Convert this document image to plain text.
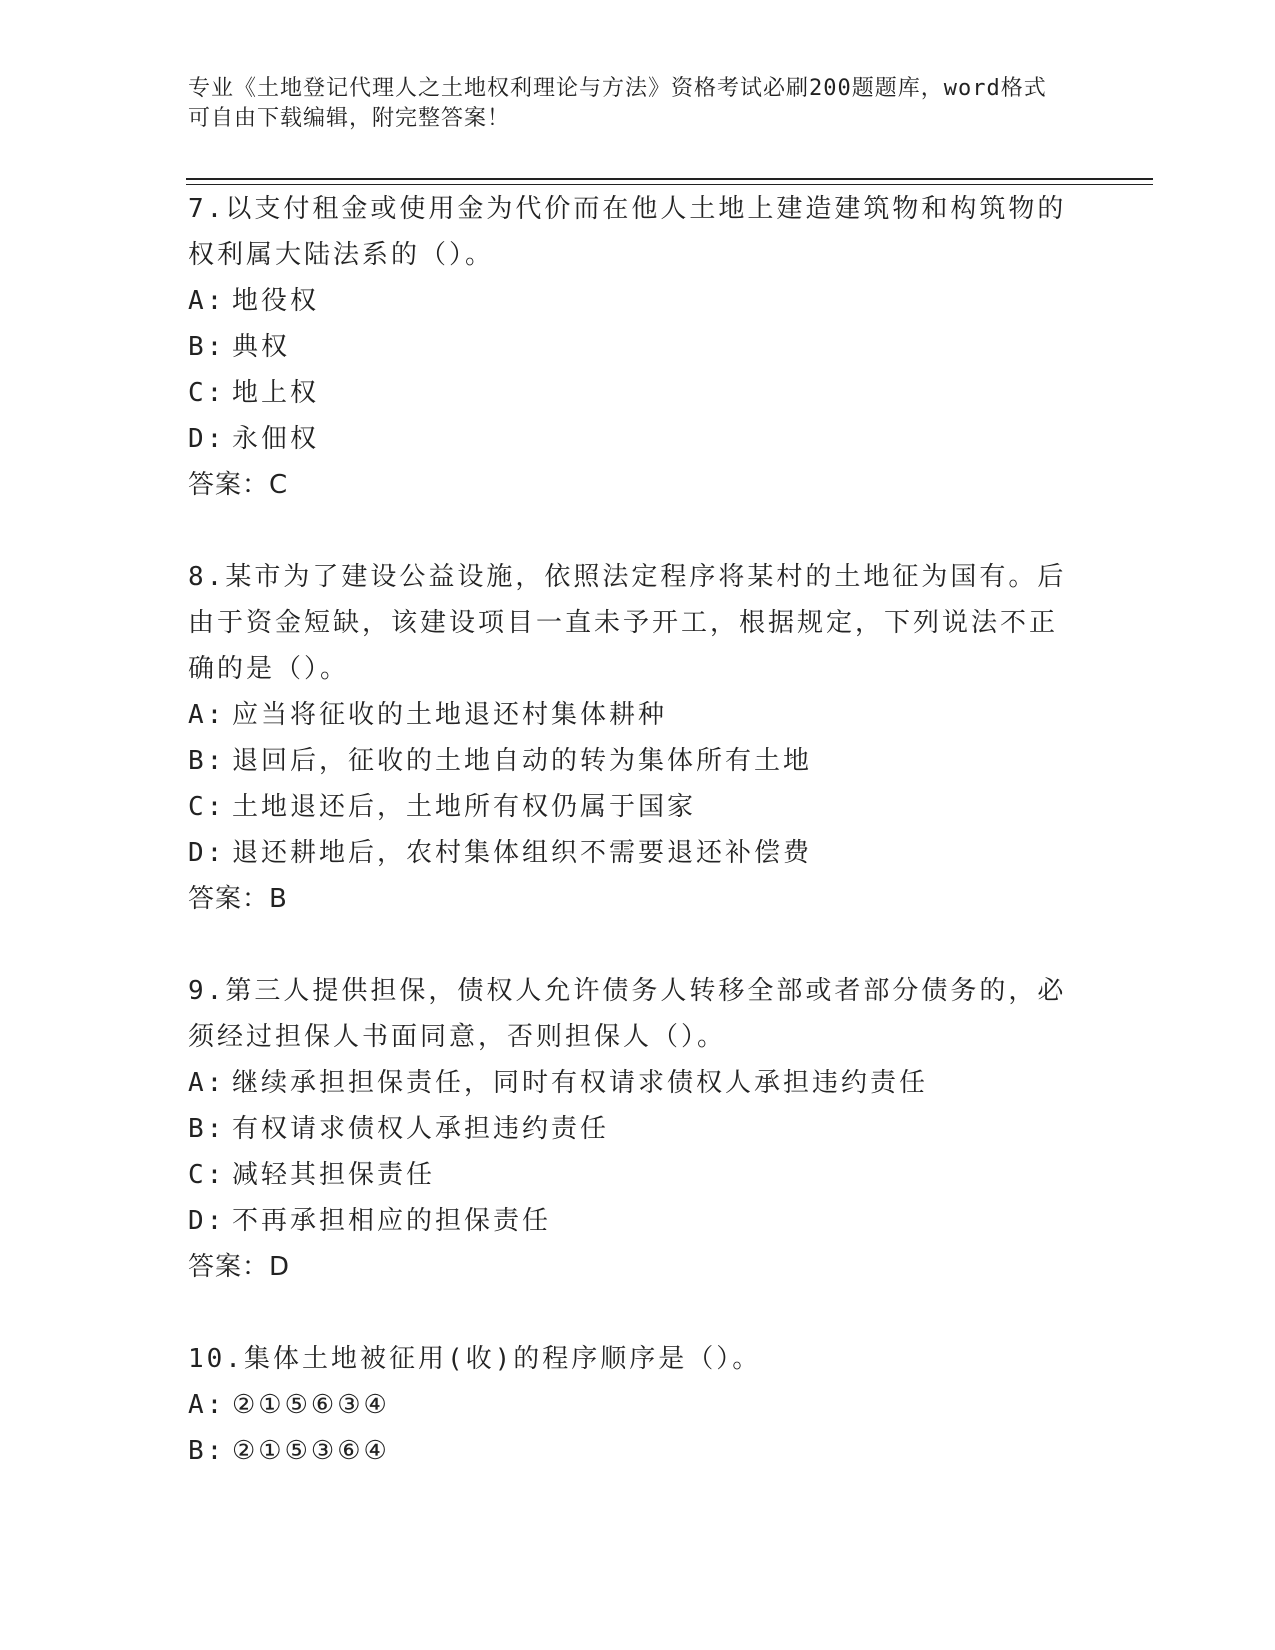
专业《土地登记代理人之土地权利理论与方法》资格考试必刷200题题库，word格式可自由下载编辑，附完整答案！
7.以支付租金或使用金为代价而在他人土地上建造建筑物和构筑物的权利属大陆法系的（）。
A: 地役权
B: 典权
C: 地上权
D: 永佃权
答案：C
8.某市为了建设公益设施，依照法定程序将某村的土地征为国有。后由于资金短缺，该建设项目一直未予开工，根据规定，下列说法不正确的是（）。
A: 应当将征收的土地退还村集体耕种
B: 退回后，征收的土地自动的转为集体所有土地
C: 土地退还后，土地所有权仍属于国家
D: 退还耕地后，农村集体组织不需要退还补偿费
答案：B
9.第三人提供担保，债权人允许债务人转移全部或者部分债务的，必须经过担保人书面同意，否则担保人（）。
A: 继续承担担保责任，同时有权请求债权人承担违约责任
B: 有权请求债权人承担违约责任
C: 减轻其担保责任
D: 不再承担相应的担保责任
答案：D
10.集体土地被征用(收)的程序顺序是（）。
A: ②①⑤⑥③④
B: ②①⑤③⑥④
